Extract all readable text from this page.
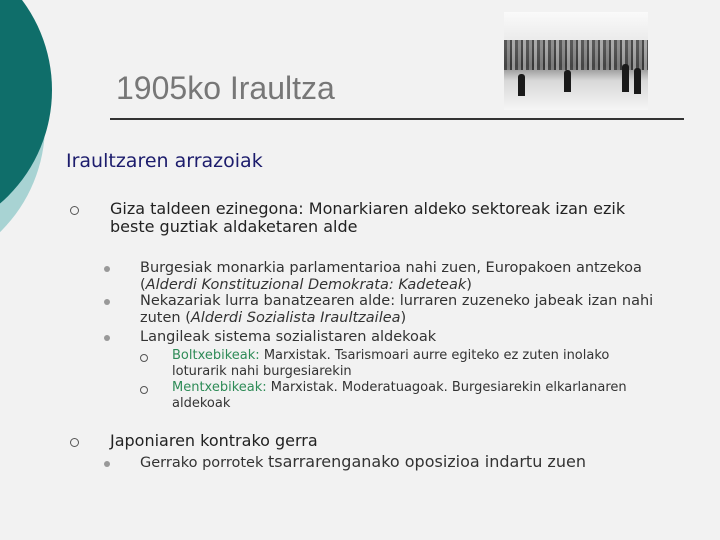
1905ko Iraultza
Iraultzaren arrazoiak
Giza taldeen ezinegona: Monarkiaren aldeko sektoreak izan ezik beste guztiak aldaketaren alde
Burgesiak monarkia parlamentarioa nahi zuen, Europakoen antzekoa (Alderdi Konstituzional Demokrata: Kadeteak)
Nekazariak lurra banatzearen alde: lurraren zuzeneko jabeak izan nahi zuten (Alderdi Sozialista Iraultzailea)
Langileak sistema sozialistaren aldekoak
Boltxebikeak: Marxistak. Tsarismoari aurre egiteko ez zuten inolako loturarik nahi burgesiarekin
Mentxebikeak: Marxistak. Moderatuagoak. Burgesiarekin elkarlanaren aldekoak
Japoniaren kontrako gerra
Gerrako porrotek tsarrarenganako oposizioa indartu zuen
